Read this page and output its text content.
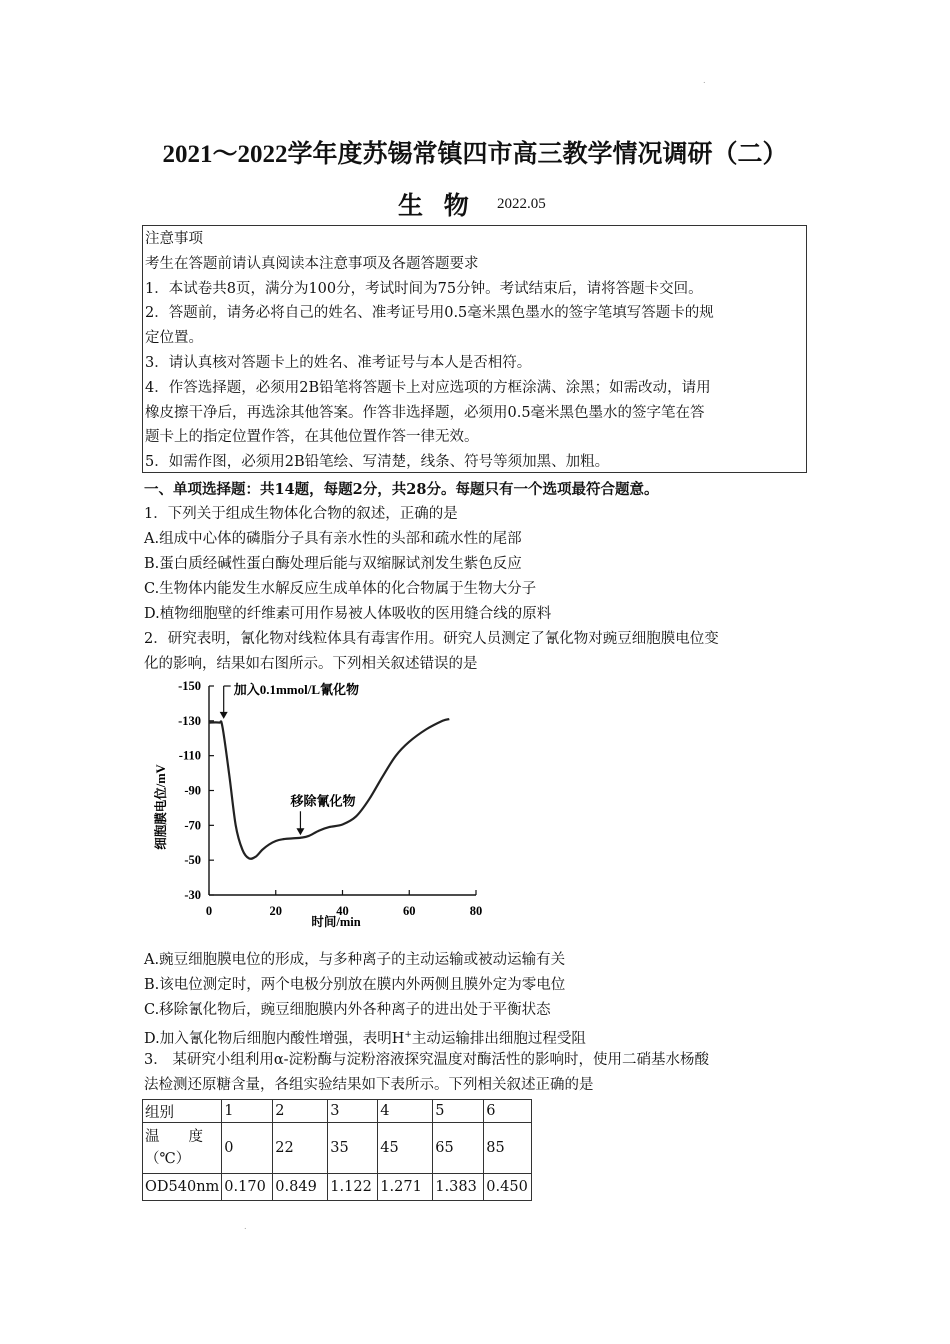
.
2021～2022学年度苏锡常镇四市高三教学情况调研（二）
生 物 2022.05
注意事项
考生在答题前请认真阅读本注意事项及各题答题要求
1．本试卷共8页，满分为100分，考试时间为75分钟。考试结束后，请将答题卡交回。
2．答题前，请务必将自己的姓名、准考证号用0.5毫米黑色墨水的签字笔填写答题卡的规
定位置。
3．请认真核对答题卡上的姓名、准考证号与本人是否相符。
4．作答选择题，必须用2B铅笔将答题卡上对应选项的方框涂满、涂黑；如需改动，请用
橡皮擦干净后，再选涂其他答案。作答非选择题，必须用0.5毫米黑色墨水的签字笔在答
题卡上的指定位置作答，在其他位置作答一律无效。
5．如需作图，必须用2B铅笔绘、写清楚，线条、符号等须加黑、加粗。
一、单项选择题：共14题，每题2分，共28分。每题只有一个选项最符合题意。
1．下列关于组成生物体化合物的叙述，正确的是
A.组成中心体的磷脂分子具有亲水性的头部和疏水性的尾部
B.蛋白质经碱性蛋白酶处理后能与双缩脲试剂发生紫色反应
C.生物体内能发生水解反应生成单体的化合物属于生物大分子
D.植物细胞壁的纤维素可用作易被人体吸收的医用缝合线的原料
2．研究表明，氰化物对线粒体具有毒害作用。研究人员测定了氰化物对豌豆细胞膜电位变
化的影响，结果如右图所示。下列相关叙述错误的是
-150
-130
-110
-90
-70
-50
-30
0	20	40	60	80
细胞膜电位/mV
时间/min
加入0.1mmol/L氰化物
移除氰化物
A.豌豆细胞膜电位的形成，与多种离子的主动运输或被动运输有关
B.该电位测定时，两个电极分别放在膜内外两侧且膜外定为零电位
C.移除氰化物后，豌豆细胞膜内外各种离子的进出处于平衡状态
D.加入氰化物后细胞内酸性增强，表明H+主动运输排出细胞过程受阻
3． 某研究小组利用α-淀粉酶与淀粉溶液探究温度对酶活性的影响时，使用二硝基水杨酸
法检测还原糖含量，各组实验结果如下表所示。下列相关叙述正确的是
组别	1	2	3	4	5	6

温　　度
（℃）	0	22	35	45	65	85
OD540nm	0.170	0.849	1.122	1.271	1.383	0.450
.
